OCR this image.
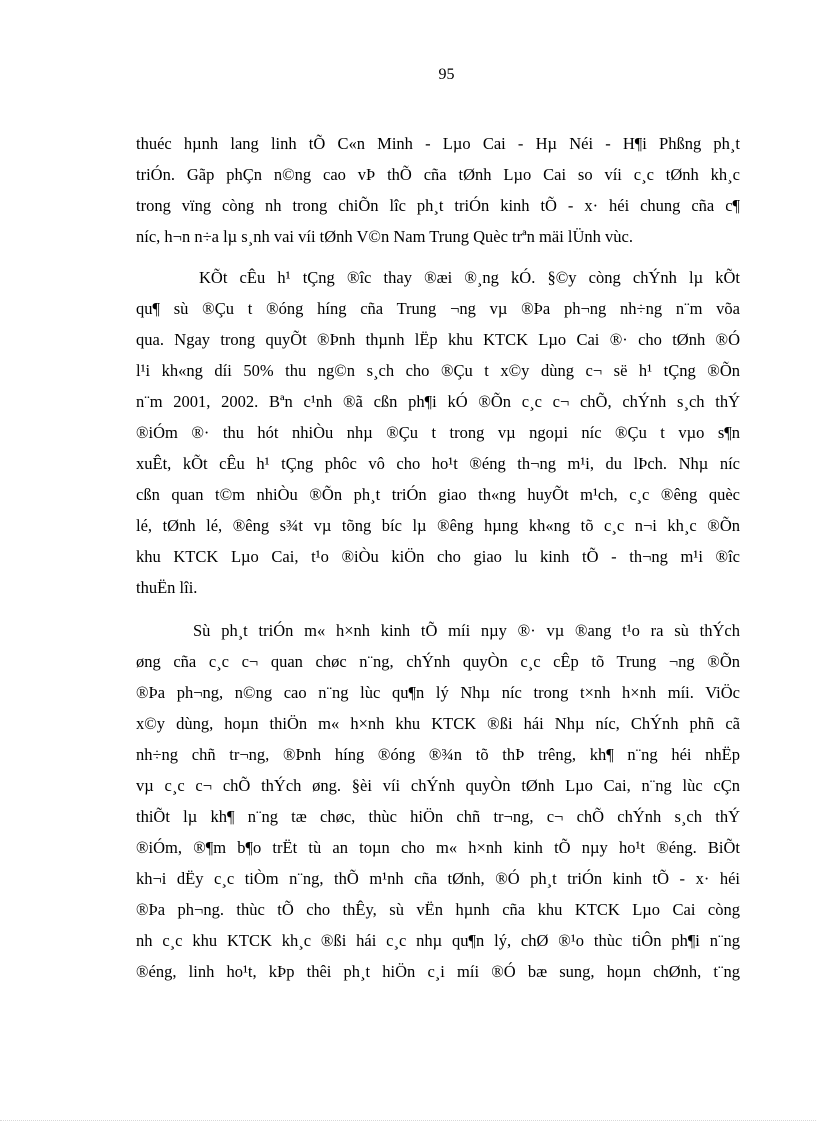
95

thuéc hµnh lang linh tÕ C«n Minh - Lµo Cai - Hµ Néi - H¶i Phßng ph¸t
triÓn. Gãp phÇn n©ng cao vÞ thÕ cña tØnh Lµo Cai so víi c¸c tØnh kh¸c
trong vïng còng nh trong chiÕn lîc ph¸t triÓn kinh tÕ - x· héi chung cña c¶
níc, h¬n n÷a lµ s¸nh vai víi tØnh V©n Nam Trung Quèc trªn mäi lÜnh vùc.

KÕt cÊu h¹ tÇng ®îc thay ®æi ®¸ng kÓ. §©y còng chÝnh lµ kÕt
qu¶ sù ®Çu t ®óng híng cña Trung ¬ng vµ ®Þa ph¬ng nh÷ng n¨m võa
qua. Ngay trong quyÕt ®Þnh thµnh lËp khu KTCK Lµo Cai ®· cho tØnh ®Ó
l¹i kh«ng díi 50% thu ng©n s¸ch cho ®Çu t x©y dùng c¬ së h¹ tÇng ®Õn
n¨m 2001, 2002. Bªn c¹nh ®ã cßn ph¶i kÓ ®Õn c¸c c¬ chÕ, chÝnh s¸ch thÝ
®iÓm ®· thu hót nhiÒu nhµ ®Çu t trong vµ ngoµi níc ®Çu t vµo s¶n
xuÊt, kÕt cÊu h¹ tÇng phôc vô cho ho¹t ®éng th¬ng m¹i, du lÞch. Nhµ níc
cßn quan t©m nhiÒu ®Õn ph¸t triÓn giao th«ng huyÕt m¹ch, c¸c ®êng quèc
lé, tØnh lé, ®êng s¾t vµ tõng bíc lµ ®êng hµng kh«ng tõ c¸c n¬i kh¸c ®Õn
khu KTCK Lµo Cai, t¹o ®iÒu kiÖn cho giao lu kinh tÕ - th¬ng m¹i ®îc
thuËn lîi.

Sù ph¸t triÓn m« h×nh kinh tÕ míi nµy ®· vµ ®ang t¹o ra sù thÝch
øng cña c¸c c¬ quan chøc n¨ng, chÝnh quyÒn c¸c cÊp tõ Trung ¬ng ®Õn
®Þa ph¬ng, n©ng cao n¨ng lùc qu¶n lý Nhµ níc trong t×nh h×nh míi. ViÖc
x©y dùng, hoµn thiÖn m« h×nh khu KTCK ®ßi hái Nhµ níc, ChÝnh phñ cã
nh÷ng chñ tr¬ng, ®Þnh híng ®óng ®¾n tõ thÞ trêng, kh¶ n¨ng héi nhËp
vµ c¸c c¬ chÕ thÝch øng. §èi víi chÝnh quyÒn tØnh Lµo Cai, n¨ng lùc cÇn
thiÕt lµ kh¶ n¨ng tæ chøc, thùc hiÖn chñ tr¬ng, c¬ chÕ chÝnh s¸ch thÝ
®iÓm, ®¶m b¶o trËt tù an toµn cho m« h×nh kinh tÕ nµy ho¹t ®éng. BiÕt
kh¬i dËy c¸c tiÒm n¨ng, thÕ m¹nh cña tØnh, ®Ó ph¸t triÓn kinh tÕ - x· héi
®Þa ph¬ng. thùc tÕ cho thÊy, sù vËn hµnh cña khu KTCK Lµo Cai còng
nh c¸c khu KTCK kh¸c ®ßi hái c¸c nhµ qu¶n lý, chØ ®¹o thùc tiÔn ph¶i n¨ng
®éng, linh ho¹t, kÞp thêi ph¸t hiÖn c¸i míi ®Ó bæ sung, hoµn chØnh, t¨ng
